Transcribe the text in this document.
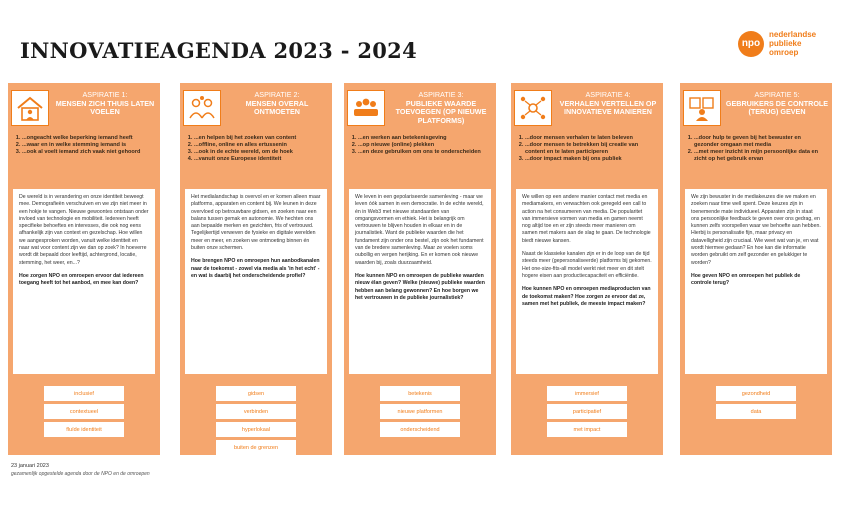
INNOVATIEAGENDA 2023 - 2024	npo
nederlandse
publieke
omroep
ASPIRATIE 1:
MENSEN ZICH THUIS LATEN VOELEN
1. ...ongeacht welke beperking iemand heeft
2. ...waar en in welke stemming iemand is
3. ...ook al voelt iemand zich vaak niet gehoord

De wereld is in verandering en onze identiteit beweegt mee. Demografieën verschuiven en we zijn niet meer in een hokje te vangen. Nieuwe gewoontes ontstaan onder invloed van technologie en mobiliteit. Iedereen heeft specifieke behoeftes en interesses, die ook nog eens afhankelijk zijn van context en gezelschap. Hoe willen we aangesproken worden, vanuit welke identiteit en naar wat voor content zijn we dan op zoek? In hoeverre wordt dit bepaald door leeftijd, achtergrond, locatie, stemming, het weer, en...?

Hoe zorgen NPO en omroepen ervoor dat iedereen toegang heeft tot het aanbod, en mee kan doen?

inclusief
contextueel
fluïde identiteit
ASPIRATIE 2:
MENSEN OVERAL ONTMOETEN
1. ...en helpen bij het zoeken van content
2. ...offline, online en alles ertussenin
3. ...ook in de echte wereld, om de hoek
4. ...vanuit onze Europese identiteit

Het medialandschap is overvol en er komen alleen maar platforms, apparaten en content bij. We leunen in deze overvloed op betrouwbare gidsen, en zoeken naar een balans tussen gemak en autonomie. We hechten ons aan bepaalde merken en gezichten, fris of vertrouwd. Tegelijkertijd verweven de fysieke en digitale werelden meer en meer, en zoeken we ontmoeting binnen én buiten onze schermen.

Hoe brengen NPO en omroepen hun aanbodkanalen naar de toekomst - zowel via media als 'in het echt' - en wat is daarbij het onderscheidende profiel?

gidsen
verbinden
hyperlokaal
buiten de grenzen
ASPIRATIE 3:
PUBLIEKE WAARDE TOEVOEGEN (OP NIEUWE PLATFORMS)
1. ...en werken aan betekenisgeving
2. ...op nieuwe (online) plekken
3. ...en deze gebruiken om ons te onderscheiden

We leven in een gepolariseerde samenleving - maar we leven óók samen in een democratie. In de echte wereld, én in Web3 met nieuwe standaarden van omgangsvormen en ethiek. Het is belangrijk om vertrouwen te blijven houden in elkaar en in de journalistiek. Want de publieke waarden die het fundament zijn onder ons bestel, zijn ook het fundament van de bredere samenleving. Maar ze voelen soms oubollig en vergen herijking. En er komen ook nieuwe waarden bij, zoals duurzaamheid.

Hoe kunnen NPO en omroepen de publieke waarden nieuw élan geven? Welke (nieuwe) publieke waarden hebben aan belang gewonnen? En hoe borgen we het vertrouwen in de publieke journalistiek?

betekenis
nieuwe platformen
onderscheidend
ASPIRATIE 4:
VERHALEN VERTELLEN OP INNOVATIEVE MANIEREN
1. ...door mensen verhalen te laten beleven
2. ...door mensen te betrekken bij creatie van content en te laten participeren
3. ...door impact maken bij ons publiek

We willen op een andere manier contact met media en mediamakers, en verwachten ook geregeld een call to action na het consumeren van media. De popularitet van immersieve vormen van media en gamen neemt nog altijd toe en er zijn steeds meer manieren om samen met makers aan de slag te gaan. De technologie biedt nieuwe kansen.

Naast de klassieke kanalen zijn er in de loop van de tijd steeds meer (gepersonaliseerde) platforms bij gekomen. Het one-size-fits-all model werkt niet meer en dit stelt hogere eisen aan productiecapaciteit en efficiëntie.

Hoe kunnen NPO en omroepen mediaproducten van de toekomst maken? Hoe zorgen ze ervoor dat ze, samen met het publiek, de meeste impact maken?

immersief
participatief
met impact
ASPIRATIE 5:
GEBRUIKERS DE CONTROLE (TERUG) GEVEN
1. ...door hulp te geven bij het bewuster en gezonder omgaan met media
2. ...met meer inzicht in mijn persoonlijke data en zicht op het gebruik ervan

We zijn bewuster in de mediakeuzes die we maken en zoeken naar time well spent. Deze keuzes zijn in toenemende mate individueel. Apparaten zijn in staat ons persoonlijke feedback te geven over ons gedrag, en kunnen zelfs voorspellen waar we behoefte aan hebben. Hierbij is personalisatie fijn, maar privacy en datavelligheid zijn cruciaal. Wie weet wat van je, en wat wordt hiermee gedaan? En hoe kan die informatie worden gebruikt om zelf gezonder en gelukkiger te worden?

Hoe geven NPO en omroepen het publiek de controle terug?

gezondheid
data
23 januari 2023
gezamenlijk opgestelde agenda door de NPO en de omroepen
